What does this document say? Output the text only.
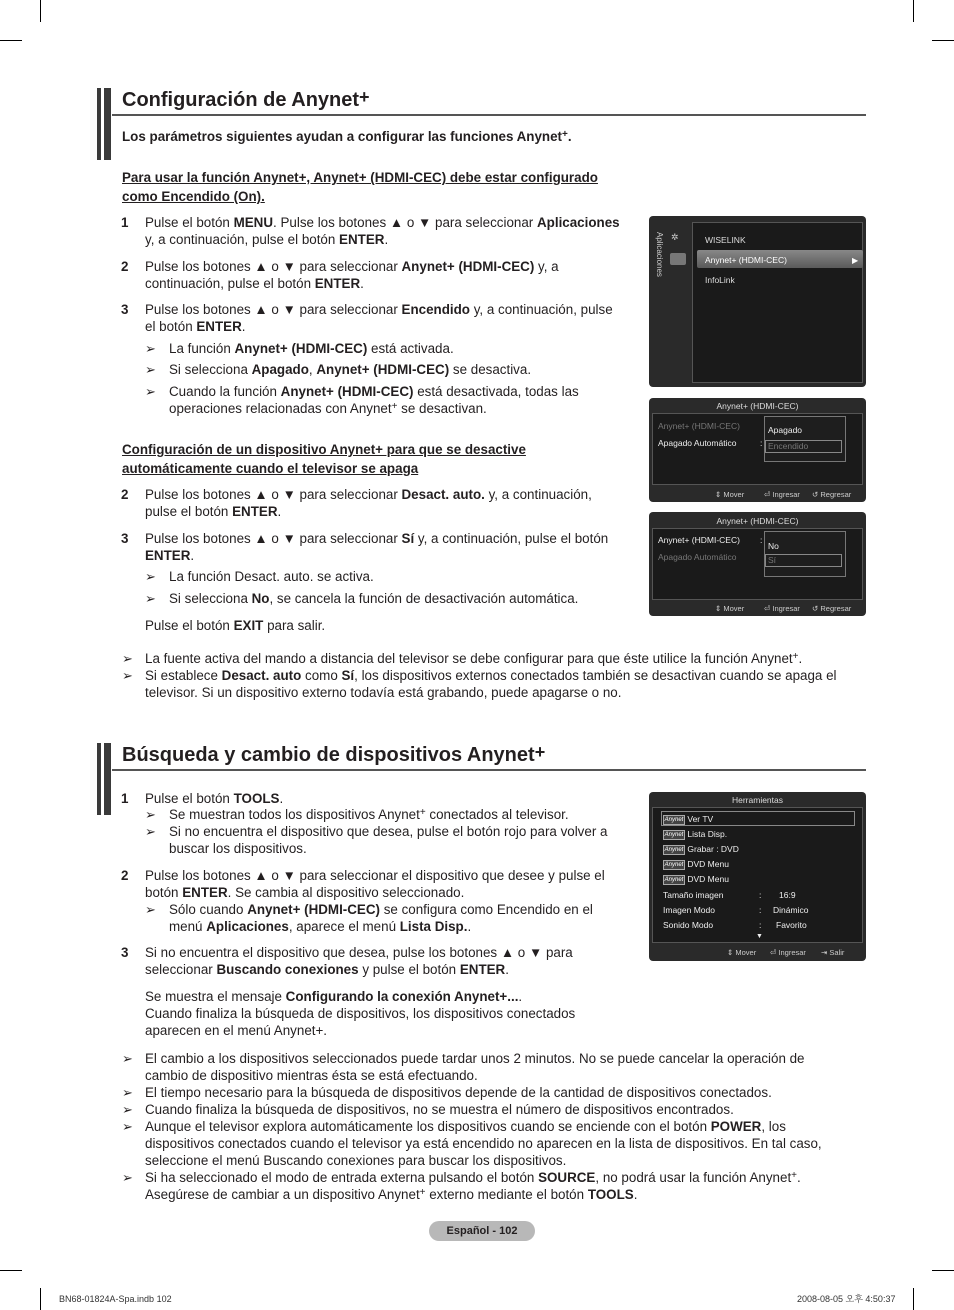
Configuración de Anynet+
Los parámetros siguientes ayudan a configurar las funciones Anynet+.
Para usar la función Anynet+, Anynet+ (HDMI-CEC) debe estar configurado
como Encendido (On).
1 Pulse el botón MENU. Pulse los botones ▲ o ▼ para seleccionar Aplicaciones
y, a continuación, pulse el botón ENTER.
2 Pulse los botones ▲ o ▼ para seleccionar Anynet+ (HDMI-CEC) y, a
continuación, pulse el botón ENTER.
3 Pulse los botones ▲ o ▼ para seleccionar Encendido y, a continuación, pulse
el botón ENTER.
➢ La función Anynet+ (HDMI-CEC) está activada.
➢ Si selecciona Apagado, Anynet+ (HDMI-CEC) se desactiva.
➢ Cuando la función Anynet+ (HDMI-CEC) está desactivada, todas las
operaciones relacionadas con Anynet+ se desactivan.
Configuración de un dispositivo Anynet+ para que se desactive
automáticamente cuando el televisor se apaga
2 Pulse los botones ▲ o ▼ para seleccionar Desact. auto. y, a continuación,
pulse el botón ENTER.
3 Pulse los botones ▲ o ▼ para seleccionar Sí y, a continuación, pulse el botón
ENTER.
➢ La función Desact. auto. se activa.
➢ Si selecciona No, se cancela la función de desactivación automática.
Pulse el botón EXIT para salir.
➢ La fuente activa del mando a distancia del televisor se debe configurar para que éste utilice la función Anynet+.
➢ Si establece Desact. auto como Sí, los dispositivos externos conectados también se desactivan cuando se apaga el
televisor. Si un dispositivo externo todavía está grabando, puede apagarse o no.
Aplicaciones ✲	WISELINK
Anynet+ (HDMI-CEC)	▶
InfoLink
Anynet+ (HDMI-CEC)
Anynet+ (HDMI-CEC)
Apagado Automático	:
Apagado
Encendido
⇕ Mover	⏎ Ingresar ↺ Regresar
Anynet+ (HDMI-CEC)
Anynet+ (HDMI-CEC) :
Apagado Automático
No
Sí
⇕ Mover	⏎ Ingresar ↺ Regresar
Búsqueda y cambio de dispositivos Anynet+
1 Pulse el botón TOOLS.
➢ Se muestran todos los dispositivos Anynet+ conectados al televisor.
➢ Si no encuentra el dispositivo que desea, pulse el botón rojo para volver a
buscar los dispositivos.
2 Pulse los botones ▲ o ▼ para seleccionar el dispositivo que desee y pulse el
botón ENTER. Se cambia al dispositivo seleccionado.
➢ Sólo cuando Anynet+ (HDMI-CEC) se configura como Encendido en el
menú Aplicaciones, aparece el menú Lista Disp..
3 Si no encuentra el dispositivo que desea, pulse los botones ▲ o ▼ para
seleccionar Buscando conexiones y pulse el botón ENTER.
Se muestra el mensaje Configurando la conexión Anynet+....
Cuando finaliza la búsqueda de dispositivos, los dispositivos conectados
aparecen en el menú Anynet+.
➢ El cambio a los dispositivos seleccionados puede tardar unos 2 minutos. No se puede cancelar la operación de
cambio de dispositivo mientras ésta se está efectuando.
➢ El tiempo necesario para la búsqueda de dispositivos depende de la cantidad de dispositivos conectados.
➢ Cuando finaliza la búsqueda de dispositivos, no se muestra el número de dispositivos encontrados.
➢ Aunque el televisor explora automáticamente los dispositivos cuando se enciende con el botón POWER, los
dispositivos conectados cuando el televisor ya está encendido no aparecen en la lista de dispositivos. En tal caso,
seleccione el menú Buscando conexiones para buscar los dispositivos.
➢ Si ha seleccionado el modo de entrada externa pulsando el botón SOURCE, no podrá usar la función Anynet+.
Asegúrese de cambiar a un dispositivo Anynet+ externo mediante el botón TOOLS.
Herramientas
Anynet Ver TV
Anynet Lista Disp.
Anynet Grabar : DVD
Anynet DVD Menu
Anynet DVD Menu
Tamaño imagen	: 16:9
Imagen Modo	: Dinámico
Sonido Modo	: Favorito
▼
⇕ Mover ⏎ Ingresar ⇥ Salir
Español - 102
BN68-01824A-Spa.indb 102	2008-08-05 오후 4:50:37
